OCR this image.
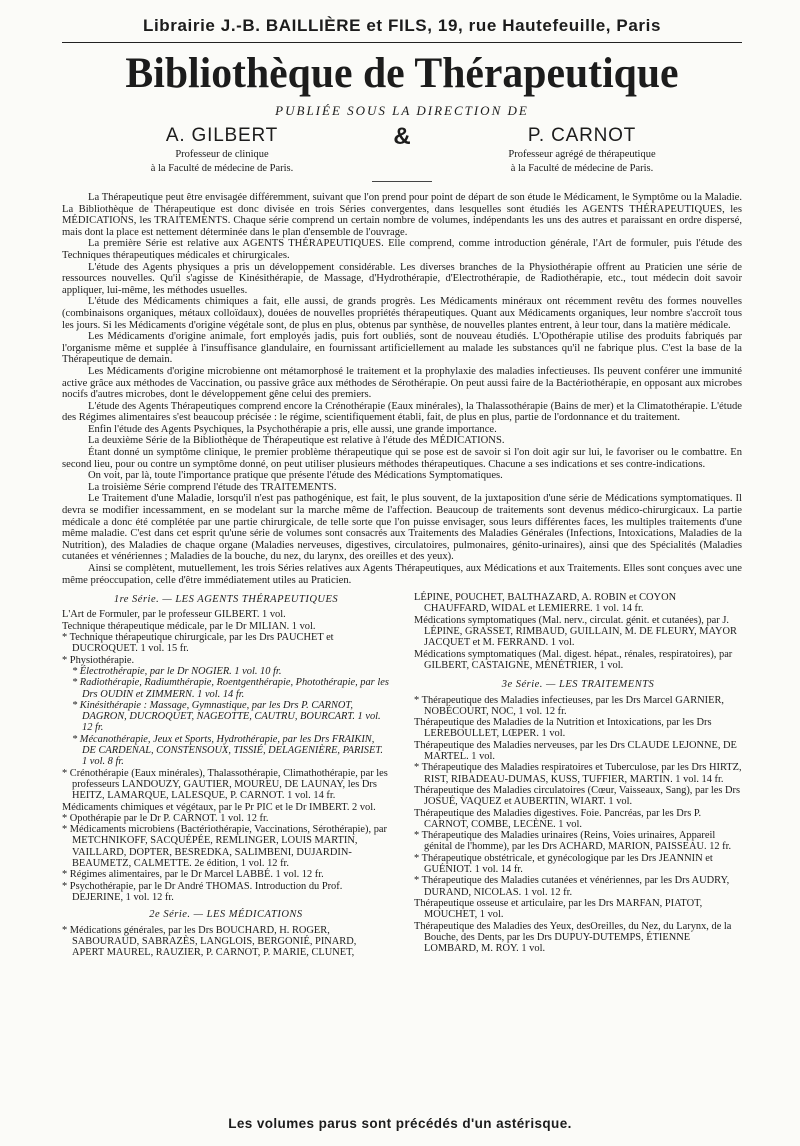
Librairie J.-B. BAILLIÈRE et FILS, 19, rue Hautefeuille, Paris
Bibliothèque de Thérapeutique
PUBLIÉE SOUS LA DIRECTION DE
A. GILBERT
Professeur de clinique
à la Faculté de médecine de Paris.
&	P. CARNOT
Professeur agrégé de thérapeutique
à la Faculté de médecine de Paris.

La Thérapeutique peut être envisagée différemment, suivant que l'on prend pour point de départ de son étude le Médicament, le Symptôme ou la Maladie. La Bibliothèque de Thérapeutique est donc divisée en trois Séries convergentes, dans lesquelles sont étudiés les AGENTS THÉRAPEUTIQUES, les MÉDICATIONS, les TRAITEMENTS. Chaque série comprend un certain nombre de volumes, indépendants les uns des autres et paraissant en ordre dispersé, mais dont la place est nettement déterminée dans le plan d'ensemble de l'ouvrage.

La première Série est relative aux AGENTS THÉRAPEUTIQUES. Elle comprend, comme introduction générale, l'Art de formuler, puis l'étude des Techniques thérapeutiques médicales et chirurgicales.

L'étude des Agents physiques a pris un développement considérable. Les diverses branches de la Physiothérapie offrent au Praticien une série de ressources nouvelles. Qu'il s'agisse de Kinésithérapie, de Massage, d'Hydrothérapie, d'Electrothérapie, de Radiothérapie, etc., tout médecin doit savoir appliquer, lui-même, les méthodes usuelles.

L'étude des Médicaments chimiques a fait, elle aussi, de grands progrès. Les Médicaments minéraux ont récemment revêtu des formes nouvelles (combinaisons organiques, métaux colloïdaux), douées de nouvelles propriétés thérapeutiques. Quant aux Médicaments organiques, leur nombre s'accroît tous les jours. Si les Médicaments d'origine végétale sont, de plus en plus, obtenus par synthèse, de nouvelles plantes entrent, à leur tour, dans la matière médicale.

Les Médicaments d'origine animale, fort employés jadis, puis fort oubliés, sont de nouveau étudiés. L'Opothérapie utilise des produits fabriqués par l'organisme même et supplée à l'insuffisance glandulaire, en fournissant artificiellement au malade les substances qu'il ne fabrique plus. C'est la base de la Thérapeutique de demain.

Les Médicaments d'origine microbienne ont métamorphosé le traitement et la prophylaxie des maladies infectieuses. Ils peuvent conférer une immunité active grâce aux méthodes de Vaccination, ou passive grâce aux méthodes de Sérothérapie. On peut aussi faire de la Bactériothérapie, en opposant aux microbes nocifs d'autres microbes, dont le développement gêne celui des premiers.

L'étude des Agents Thérapeutiques comprend encore la Crénothérapie (Eaux minérales), la Thalassothérapie (Bains de mer) et la Climatothérapie. L'étude des Régimes alimentaires s'est beaucoup précisée : le régime, scientifiquement établi, fait, de plus en plus, partie de l'ordonnance et du traitement.

Enfin l'étude des Agents Psychiques, la Psychothérapie a pris, elle aussi, une grande importance.

La deuxième Série de la Bibliothèque de Thérapeutique est relative à l'étude des MÉDICATIONS.

Étant donné un symptôme clinique, le premier problème thérapeutique qui se pose est de savoir si l'on doit agir sur lui, le favoriser ou le combattre. En second lieu, pour ou contre un symptôme donné, on peut utiliser plusieurs méthodes thérapeutiques. Chacune a ses indications et ses contre-indications.

On voit, par là, toute l'importance pratique que présente l'étude des Médications Symptomatiques.

La troisième Série comprend l'étude des TRAITEMENTS.

Le Traitement d'une Maladie, lorsqu'il n'est pas pathogénique, est fait, le plus souvent, de la juxtaposition d'une série de Médications symptomatiques. Il devra se modifier incessamment, en se modelant sur la marche même de l'affection. Beaucoup de traitements sont devenus médico-chirurgicaux. La partie médicale a donc été complétée par une partie chirurgicale, de telle sorte que l'on puisse envisager, sous leurs différentes faces, les multiples traitements d'une même maladie. C'est dans cet esprit qu'une série de volumes sont consacrés aux Traitements des Maladies Générales (Infections, Intoxications, Maladies de la Nutrition), des Maladies de chaque organe (Maladies nerveuses, digestives, circulatoires, pulmonaires, génito-urinaires), ainsi que des Spécialités (Maladies cutanées et vénériennes ; Maladies de la bouche, du nez, du larynx, des oreilles et des yeux).

Ainsi se complètent, mutuellement, les trois Séries relatives aux Agents Thérapeutiques, aux Médications et aux Traitements. Elles sont conçues avec une même préoccupation, celle d'être immédiatement utiles au Praticien.

1re Série. — LES AGENTS THÉRAPEUTIQUES
L'Art de Formuler, par le professeur GILBERT. 1 vol.
Technique thérapeutique médicale, par le Dr MILIAN. 1 vol.
* Technique thérapeutique chirurgicale, par les Drs PAUCHET et DUCROQUET. 1 vol. 15 fr.
* Physiothérapie.
* Électrothérapie, par le Dr NOGIER. 1 vol. 10 fr.
* Radiothérapie, Radiumthérapie, Roentgenthérapie, Photothérapie, par les Drs OUDIN et ZIMMERN. 1 vol. 14 fr.
* Kinésithérapie : Massage, Gymnastique, par les Drs P. CARNOT, DAGRON, DUCROQUET, NAGEOTTE, CAUTRU, BOURCART. 1 vol. 12 fr.
* Mécanothérapie, Jeux et Sports, Hydrothérapie, par les Drs FRAIKIN, DE CARDENAL, CONSTENSOUX, TISSIÉ, DELAGENIÈRE, PARISET. 1 vol. 8 fr.
* Crénothérapie (Eaux minérales), Thalassothérapie, Climathothérapie, par les professeurs LANDOUZY, GAUTIER, MOUREU, DE LAUNAY, les Drs HEITZ, LAMARQUE, LALESQUE, P. CARNOT. 1 vol. 14 fr.
Médicaments chimiques et végétaux, par le Pr PIC et le Dr IMBERT. 2 vol.
* Opothérapie par le Dr P. CARNOT. 1 vol. 12 fr.
* Médicaments microbiens (Bactériothérapie, Vaccinations, Sérothérapie), par METCHNIKOFF, SACQUÉPÉE, REMLINGER, LOUIS MARTIN, VAILLARD, DOPTER, BESREDKA, SALIMBENI, DUJARDIN-BEAUMETZ, CALMETTE. 2e édition, 1 vol. 12 fr.
* Régimes alimentaires, par le Dr Marcel LABBÉ. 1 vol. 12 fr.
* Psychothérapie, par le Dr André THOMAS. Introduction du Prof. DEJERINE, 1 vol. 12 fr.
2e Série. — LES MÉDICATIONS
* Médications générales, par les Drs BOUCHARD, H. ROGER, SABOURAUD, SABRAZÈS, LANGLOIS, BERGONIÉ, PINARD, APERT MAUREL, RAUZIER, P. CARNOT, P. MARIE, CLUNET,
LÉPINE, POUCHET, BALTHAZARD, A. ROBIN et COYON CHAUFFARD, WIDAL et LEMIERRE. 1 vol. 14 fr.
Médications symptomatiques (Mal. nerv., circulat. génit. et cutanées), par J. LÉPINE, GRASSET, RIMBAUD, GUILLAIN, M. DE FLEURY, MAYOR JACQUET et M. FERRAND. 1 vol.
Médications symptomatiques (Mal. digest. hépat., rénales, respiratoires), par GILBERT, CASTAIGNE, MÉNÉTRIER, 1 vol.
3e Série. — LES TRAITEMENTS
* Thérapeutique des Maladies infectieuses, par les Drs Marcel GARNIER, NOBÉCOURT, NOC, 1 vol. 12 fr.
Thérapeutique des Maladies de la Nutrition et Intoxications, par les Drs LEREBOULLET, LŒPER. 1 vol.
Thérapeutique des Maladies nerveuses, par les Drs CLAUDE LEJONNE, DE MARTEL. 1 vol.
* Thérapeutique des Maladies respiratoires et Tuberculose, par les Drs HIRTZ, RIST, RIBADEAU-DUMAS, KUSS, TUFFIER, MARTIN. 1 vol. 14 fr.
Thérapeutique des Maladies circulatoires (Cœur, Vaisseaux, Sang), par les Drs JOSUÉ, VAQUEZ et AUBERTIN, WIART. 1 vol.
Thérapeutique des Maladies digestives. Foie. Pancréas, par les Drs P. CARNOT, COMBE, LECÈNE. 1 vol.
* Thérapeutique des Maladies urinaires (Reins, Voies urinaires, Appareil génital de l'homme), par les Drs ACHARD, MARION, PAISSEAU. 12 fr.
* Thérapeutique obstétricale, et gynécologique par les Drs JEANNIN et GUÉNIOT. 1 vol. 14 fr.
* Thérapeutique des Maladies cutanées et vénériennes, par les Drs AUDRY, DURAND, NICOLAS. 1 vol. 12 fr.
Thérapeutique osseuse et articulaire, par les Drs MARFAN, PIATOT, MOUCHET, 1 vol.
Thérapeutique des Maladies des Yeux, desOreilles, du Nez, du Larynx, de la Bouche, des Dents, par les Drs DUPUY-DUTEMPS, ÉTIENNE LOMBARD, M. ROY. 1 vol.
Les volumes parus sont précédés d'un astérisque.
